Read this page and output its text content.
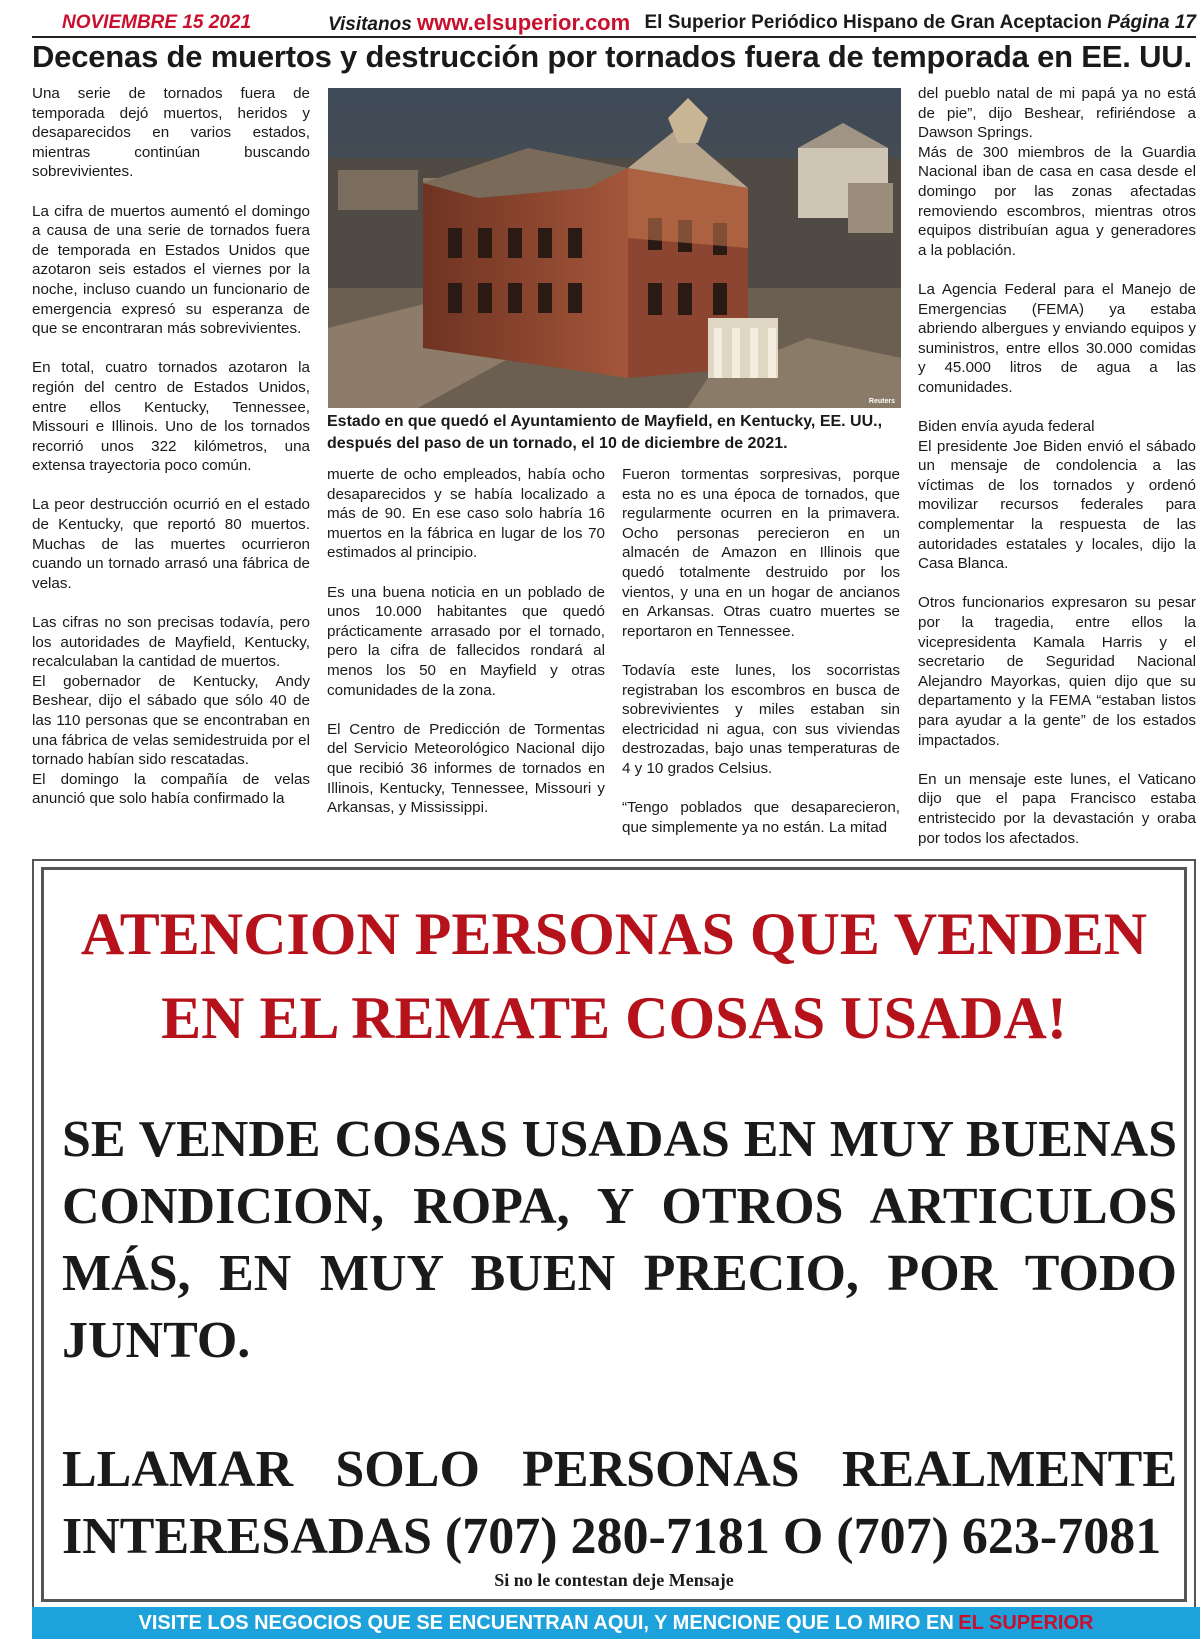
NOVIEMBRE 15 2021	Visitanos www.elsuperior.com El Superior Periódico Hispano de Gran Aceptacion Página 17
Decenas de muertos y destrucción por tornados fuera de temporada en EE. UU.

Una serie de tornados fuera de temporada dejó muertos, heridos y desaparecidos en varios estados, mientras continúan buscando sobrevivientes.

La cifra de muertos aumentó el domingo a causa de una serie de tornados fuera de temporada en Estados Unidos que azotaron seis estados el viernes por la noche, incluso cuando un funcionario de emergencia expresó su esperanza de que se encontraran más sobrevivientes.

En total, cuatro tornados azotaron la región del centro de Estados Unidos, entre ellos Kentucky, Tennessee, Missouri e Illinois. Uno de los tornados recorrió unos 322 kilómetros, una extensa trayectoria poco común.

La peor destrucción ocurrió en el estado de Kentucky, que reportó 80 muertos. Muchas de las muertes ocurrieron cuando un tornado arrasó una fábrica de velas.

Las cifras no son precisas todavía, pero los autoridades de Mayfield, Kentucky, recalculaban la cantidad de muertos.

El gobernador de Kentucky, Andy Beshear, dijo el sábado que sólo 40 de las 110 personas que se encontraban en una fábrica de velas semidestruida por el tornado habían sido rescatadas.

El domingo la compañía de velas anunció que solo había confirmado la

Reuters
Estado en que quedó el Ayuntamiento de Mayfield, en Kentucky, EE. UU., después del paso de un tornado, el 10 de diciembre de 2021.

muerte de ocho empleados, había ocho desaparecidos y se había localizado a más de 90. En ese caso solo habría 16 muertos en la fábrica en lugar de los 70 estimados al principio.

Es una buena noticia en un poblado de unos 10.000 habitantes que quedó prácticamente arrasado por el tornado, pero la cifra de fallecidos rondará al menos los 50 en Mayfield y otras comunidades de la zona.

El Centro de Predicción de Tormentas del Servicio Meteorológico Nacional dijo que recibió 36 informes de tornados en Illinois, Kentucky, Tennessee, Missouri y Arkansas, y Mississippi.

Fueron tormentas sorpresivas, porque esta no es una época de tornados, que regularmente ocurren en la primavera. Ocho personas perecieron en un almacén de Amazon en Illinois que quedó totalmente destruido por los vientos, y una en un hogar de ancianos en Arkansas. Otras cuatro muertes se reportaron en Tennessee.

Todavía este lunes, los socorristas registraban los escombros en busca de sobrevivientes y miles estaban sin electricidad ni agua, con sus viviendas destrozadas, bajo unas temperaturas de 4 y 10 grados Celsius.

“Tengo poblados que desaparecieron, que simplemente ya no están. La mitad

del pueblo natal de mi papá ya no está de pie”, dijo Beshear, refiriéndose a Dawson Springs.

Más de 300 miembros de la Guardia Nacional iban de casa en casa desde el domingo por las zonas afectadas removiendo escombros, mientras otros equipos distribuían agua y generadores a la población.

La Agencia Federal para el Manejo de Emergencias (FEMA) ya estaba abriendo albergues y enviando equipos y suministros, entre ellos 30.000 comidas y 45.000 litros de agua a las comunidades.

Biden envía ayuda federal

El presidente Joe Biden envió el sábado un mensaje de condolencia a las víctimas de los tornados y ordenó movilizar recursos federales para complementar la respuesta de las autoridades estatales y locales, dijo la Casa Blanca.

Otros funcionarios expresaron su pesar por la tragedia, entre ellos la vicepresidenta Kamala Harris y el secretario de Seguridad Nacional Alejandro Mayorkas, quien dijo que su departamento y la FEMA “estaban listos para ayudar a la gente” de los estados impactados.

En un mensaje este lunes, el Vaticano dijo que el papa Francisco estaba entristecido por la devastación y oraba por todos los afectados.

ATENCION PERSONAS QUE VENDEN
EN EL REMATE COSAS USADA!
SE VENDE COSAS USADAS EN MUY BUENAS CONDICION, ROPA, Y OTROS ARTICULOS MÁS, EN MUY BUEN PRECIO, POR TODO JUNTO.
LLAMAR SOLO PERSONAS REALMENTE INTERESADAS (707) 280-7181 O (707) 623-7081
Si no le contestan deje Mensaje
VISITE LOS NEGOCIOS QUE SE ENCUENTRAN AQUI, Y MENCIONE QUE LO MIRO EN EL SUPERIOR
